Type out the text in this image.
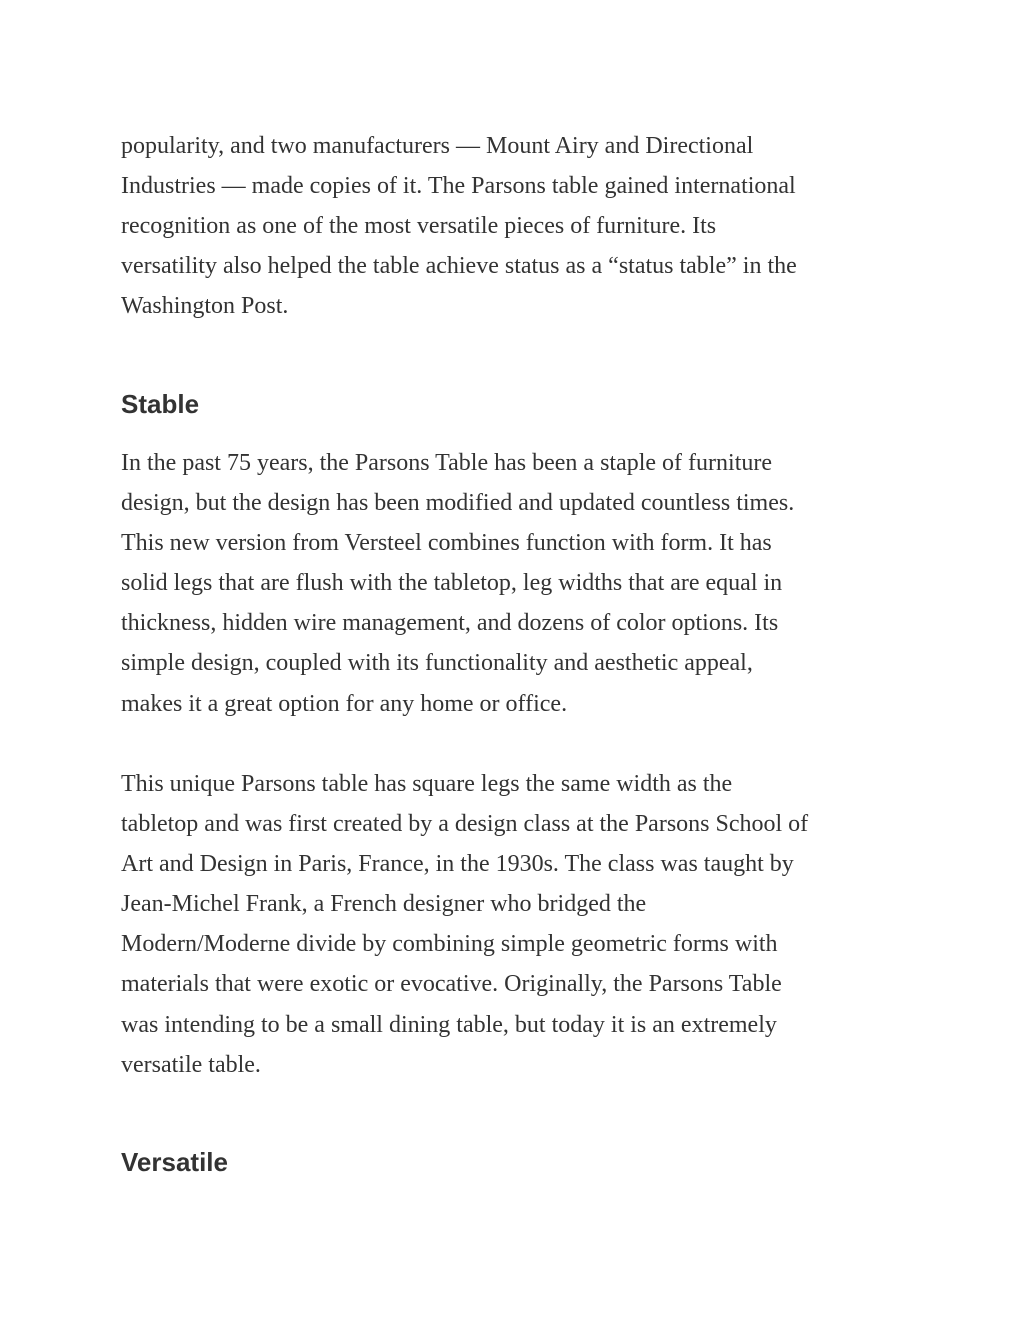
popularity, and two manufacturers — Mount Airy and Directional
Industries — made copies of it. The Parsons table gained international
recognition as one of the most versatile pieces of furniture. Its
versatility also helped the table achieve status as a “status table” in the
Washington Post.

Stable

In the past 75 years, the Parsons Table has been a staple of furniture
design, but the design has been modified and updated countless times.
This new version from Versteel combines function with form. It has
solid legs that are flush with the tabletop, leg widths that are equal in
thickness, hidden wire management, and dozens of color options. Its
simple design, coupled with its functionality and aesthetic appeal,
makes it a great option for any home or office.

This unique Parsons table has square legs the same width as the
tabletop and was first created by a design class at the Parsons School of
Art and Design in Paris, France, in the 1930s. The class was taught by
Jean-Michel Frank, a French designer who bridged the
Modern/Moderne divide by combining simple geometric forms with
materials that were exotic or evocative. Originally, the Parsons Table
was intending to be a small dining table, but today it is an extremely
versatile table.

Versatile
